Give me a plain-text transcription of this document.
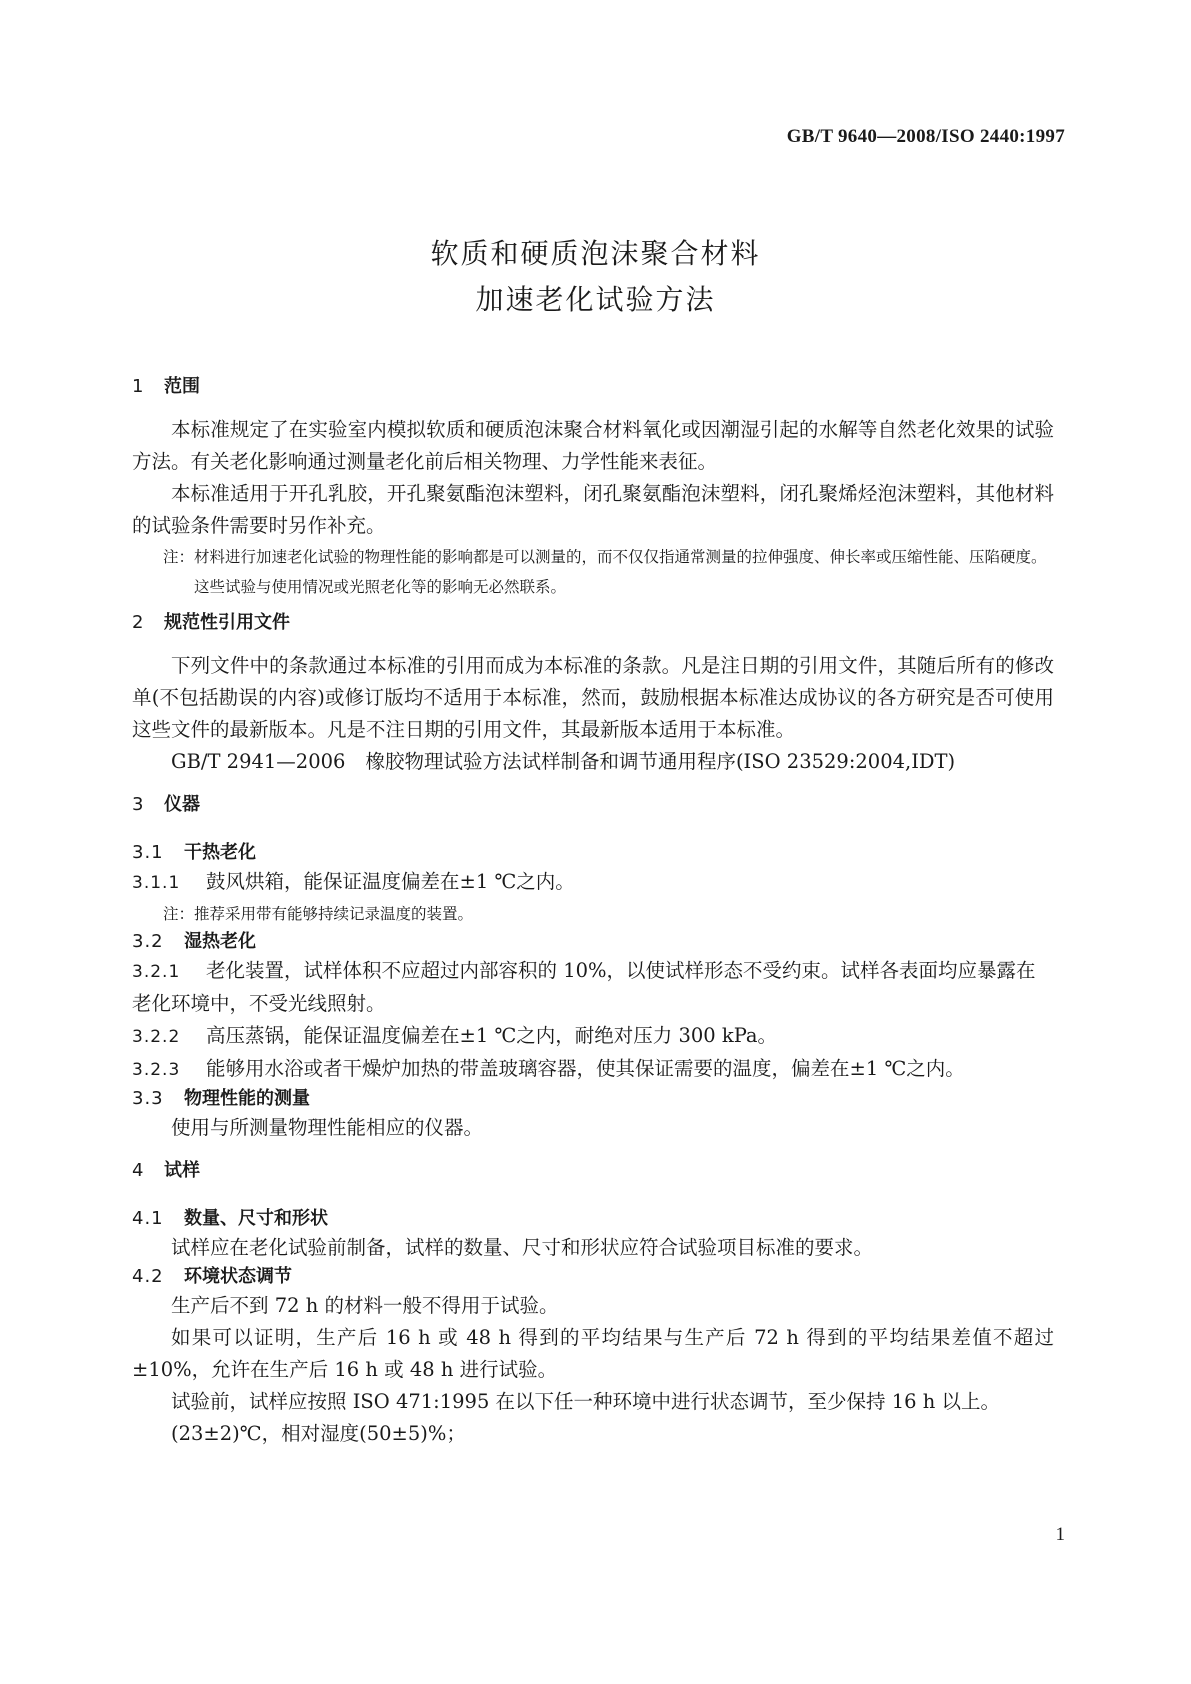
GB/T 9640—2008/ISO 2440:1997
软质和硬质泡沫聚合材料
加速老化试验方法
1 范围

本标准规定了在实验室内模拟软质和硬质泡沫聚合材料氧化或因潮湿引起的水解等自然老化效果的试验方法。有关老化影响通过测量老化前后相关物理、力学性能来表征。

本标准适用于开孔乳胶，开孔聚氨酯泡沫塑料，闭孔聚氨酯泡沫塑料，闭孔聚烯烃泡沫塑料，其他材料的试验条件需要时另作补充。

注：材料进行加速老化试验的物理性能的影响都是可以测量的，而不仅仅指通常测量的拉伸强度、伸长率或压缩性能、压陷硬度。这些试验与使用情况或光照老化等的影响无必然联系。

2 规范性引用文件

下列文件中的条款通过本标准的引用而成为本标准的条款。凡是注日期的引用文件，其随后所有的修改单(不包括勘误的内容)或修订版均不适用于本标准，然而，鼓励根据本标准达成协议的各方研究是否可使用这些文件的最新版本。凡是不注日期的引用文件，其最新版本适用于本标准。

GB/T 2941—2006 橡胶物理试验方法试样制备和调节通用程序(ISO 23529:2004,IDT)

3 仪器
3.1 干热老化

3.1.1 鼓风烘箱，能保证温度偏差在±1 ℃之内。

注：推荐采用带有能够持续记录温度的装置。

3.2 湿热老化

3.2.1 老化装置，试样体积不应超过内部容积的 10%，以使试样形态不受约束。试样各表面均应暴露在老化环境中，不受光线照射。

3.2.2 高压蒸锅，能保证温度偏差在±1 ℃之内，耐绝对压力 300 kPa。

3.2.3 能够用水浴或者干燥炉加热的带盖玻璃容器，使其保证需要的温度，偏差在±1 ℃之内。

3.3 物理性能的测量

使用与所测量物理性能相应的仪器。

4 试样
4.1 数量、尺寸和形状

试样应在老化试验前制备，试样的数量、尺寸和形状应符合试验项目标准的要求。

4.2 环境状态调节

生产后不到 72 h 的材料一般不得用于试验。

如果可以证明，生产后 16 h 或 48 h 得到的平均结果与生产后 72 h 得到的平均结果差值不超过±10%，允许在生产后 16 h 或 48 h 进行试验。

试验前，试样应按照 ISO 471:1995 在以下任一种环境中进行状态调节，至少保持 16 h 以上。

(23±2)℃，相对湿度(50±5)%；

1
